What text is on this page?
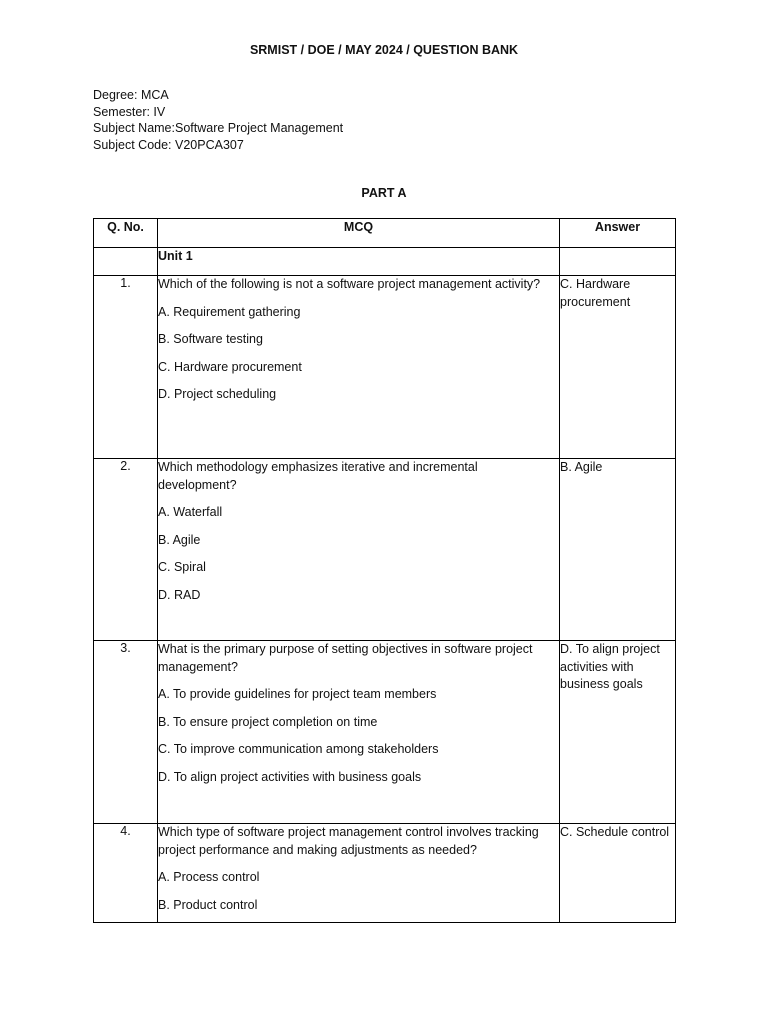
SRMIST / DOE / MAY 2024 / QUESTION BANK
Degree: MCA
Semester: IV
Subject Name:Software Project Management
Subject Code: V20PCA307
PART A
Q. No.	MCQ	Answer

	Unit 1	

1.	Which of the following is not a software project management activity?

A. Requirement gathering

B. Software testing

C. Hardware procurement

D. Project scheduling	C. Hardware procurement
2.	Which methodology emphasizes iterative and incremental development?

A. Waterfall

B. Agile

C. Spiral

D. RAD	B. Agile
3.	What is the primary purpose of setting objectives in software project management?

A. To provide guidelines for project team members

B. To ensure project completion on time

C. To improve communication among stakeholders

D. To align project activities with business goals	D. To align project activities with business goals
4.	Which type of software project management control involves tracking project performance and making adjustments as needed?

A. Process control

B. Product control	C. Schedule control
